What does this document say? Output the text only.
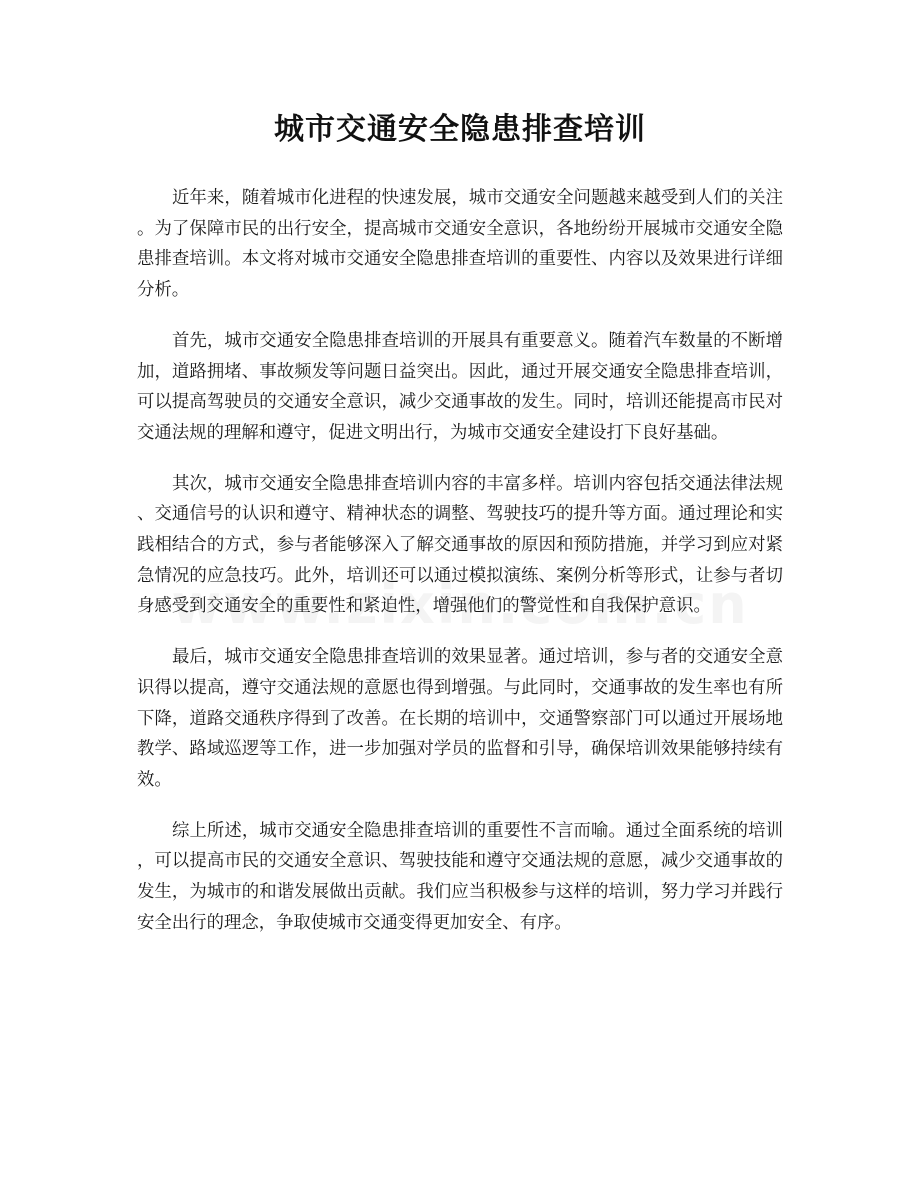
城市交通安全隐患排查培训

近年来，随着城市化进程的快速发展，城市交通安全问题越来越受到人们的关注。为了保障市民的出行安全，提高城市交通安全意识，各地纷纷开展城市交通安全隐患排查培训。本文将对城市交通安全隐患排查培训的重要性、内容以及效果进行详细分析。

首先，城市交通安全隐患排查培训的开展具有重要意义。随着汽车数量的不断增加，道路拥堵、事故频发等问题日益突出。因此，通过开展交通安全隐患排查培训，可以提高驾驶员的交通安全意识，减少交通事故的发生。同时，培训还能提高市民对交通法规的理解和遵守，促进文明出行，为城市交通安全建设打下良好基础。

其次，城市交通安全隐患排查培训内容的丰富多样。培训内容包括交通法律法规、交通信号的认识和遵守、精神状态的调整、驾驶技巧的提升等方面。通过理论和实践相结合的方式，参与者能够深入了解交通事故的原因和预防措施，并学习到应对紧急情况的应急技巧。此外，培训还可以通过模拟演练、案例分析等形式，让参与者切身感受到交通安全的重要性和紧迫性，增强他们的警觉性和自我保护意识。

最后，城市交通安全隐患排查培训的效果显著。通过培训，参与者的交通安全意识得以提高，遵守交通法规的意愿也得到增强。与此同时，交通事故的发生率也有所下降，道路交通秩序得到了改善。在长期的培训中，交通警察部门可以通过开展场地教学、路域巡逻等工作，进一步加强对学员的监督和引导，确保培训效果能够持续有效。

综上所述，城市交通安全隐患排查培训的重要性不言而喻。通过全面系统的培训，可以提高市民的交通安全意识、驾驶技能和遵守交通法规的意愿，减少交通事故的发生，为城市的和谐发展做出贡献。我们应当积极参与这样的培训，努力学习并践行安全出行的理念，争取使城市交通变得更加安全、有序。
